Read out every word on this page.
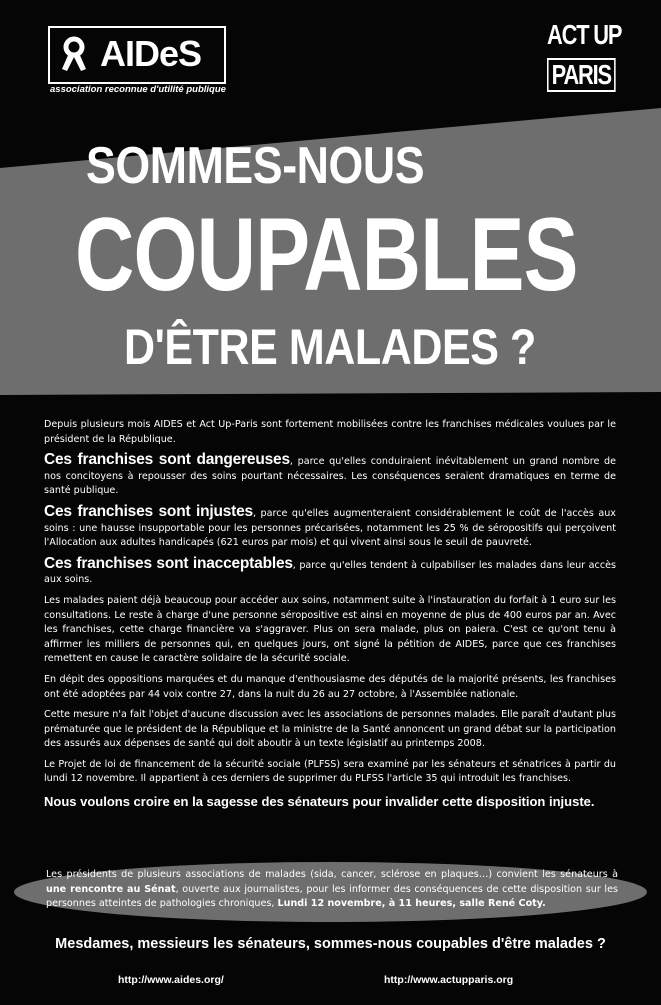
AIDeS
association reconnue d'utilité publique
ACT UP
PARIS
SOMMES-NOUS
COUPABLES
D'ÊTRE MALADES ?

Depuis plusieurs mois AIDES et Act Up-Paris sont fortement mobilisées contre les franchises médicales voulues par le président de la République.

Ces franchises sont dangereuses, parce qu'elles conduiraient inévitablement un grand nombre de nos concitoyens à repousser des soins pourtant nécessaires. Les conséquences seraient dramatiques en terme de santé publique.

Ces franchises sont injustes, parce qu'elles augmenteraient considérablement le coût de l'accès aux soins : une hausse insupportable pour les personnes précarisées, notamment les 25 % de séropositifs qui perçoivent l'Allocation aux adultes handicapés (621 euros par mois) et qui vivent ainsi sous le seuil de pauvreté.

Ces franchises sont inacceptables, parce qu'elles tendent à culpabiliser les malades dans leur accès aux soins.

Les malades paient déjà beaucoup pour accéder aux soins, notamment suite à l'instauration du forfait à 1 euro sur les consultations. Le reste à charge d'une personne séropositive est ainsi en moyenne de plus de 400 euros par an. Avec les franchises, cette charge financière va s'aggraver. Plus on sera malade, plus on paiera. C'est ce qu'ont tenu à affirmer les milliers de personnes qui, en quelques jours, ont signé la pétition de AIDES, parce que ces franchises remettent en cause le caractère solidaire de la sécurité sociale.

En dépit des oppositions marquées et du manque d'enthousiasme des députés de la majorité présents, les franchises ont été adoptées par 44 voix contre 27, dans la nuit du 26 au 27 octobre, à l'Assemblée nationale.

Cette mesure n'a fait l'objet d'aucune discussion avec les associations de personnes malades. Elle paraît d'autant plus prématurée que le président de la République et la ministre de la Santé annoncent un grand débat sur la participation des assurés aux dépenses de santé qui doit aboutir à un texte législatif au printemps 2008.

Le Projet de loi de financement de la sécurité sociale (PLFSS) sera examiné par les sénateurs et sénatrices à partir du lundi 12 novembre. Il appartient à ces derniers de supprimer du PLFSS l'article 35 qui introduit les franchises.

Nous voulons croire en la sagesse des sénateurs pour invalider cette disposition injuste.

Les présidents de plusieurs associations de malades (sida, cancer, sclérose en plaques…) convient les sénateurs à une rencontre au Sénat, ouverte aux journalistes, pour les informer des conséquences de cette disposition sur les personnes atteintes de pathologies chroniques, Lundi 12 novembre, à 11 heures, salle René Coty.
Mesdames, messieurs les sénateurs, sommes-nous coupables d'être malades ?
http://www.aides.org/	http://www.actupparis.org
